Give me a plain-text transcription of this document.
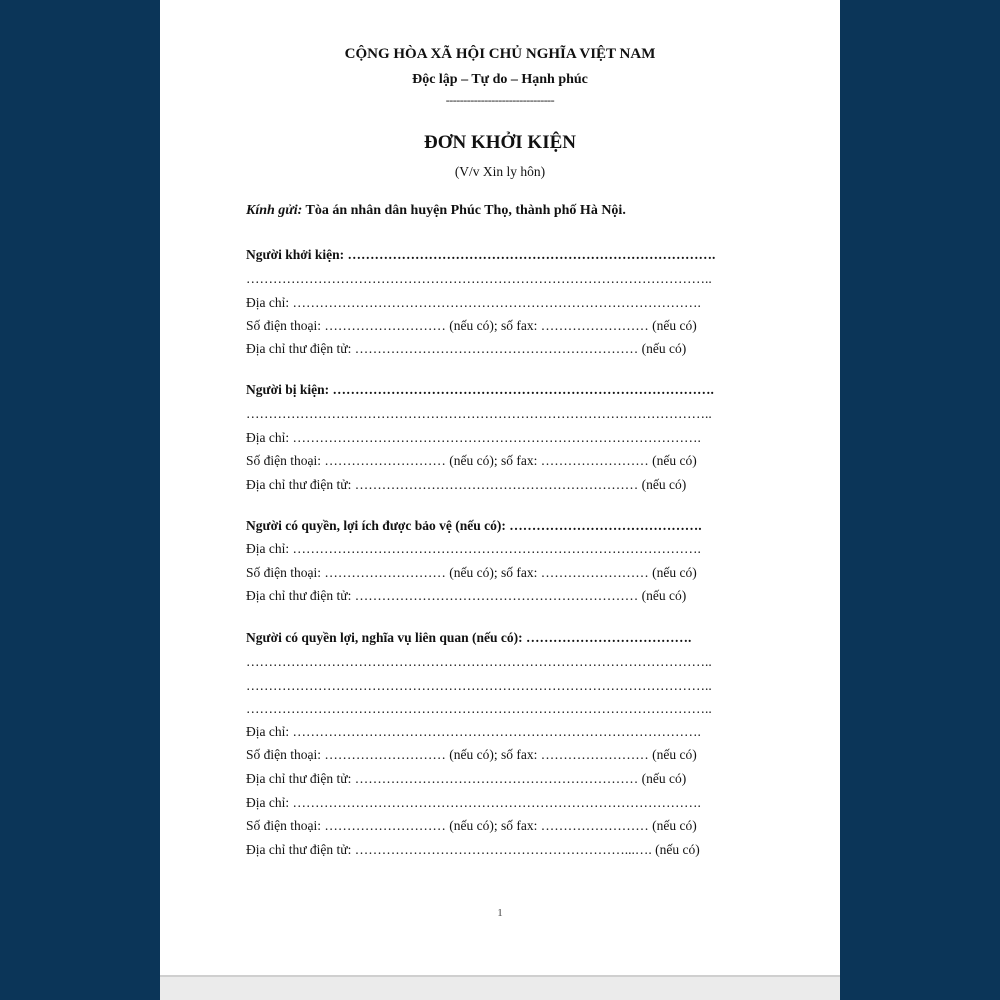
CỘNG HÒA XÃ HỘI CHỦ NGHĨA VIỆT NAM
Độc lập – Tự do – Hạnh phúc
-------------------------------
ĐƠN KHỞI KIỆN
(V/v Xin ly hôn)
Kính gửi: Tòa án nhân dân huyện Phúc Thọ, thành phố Hà Nội.
Người khởi kiện: ……………………………………………………………………….
…………………………………………………………………………………………..
Địa chỉ: ……………………………………………………………………………….
Số điện thoại: ……………………… (nếu có); số fax: …………………… (nếu có)
Địa chỉ thư điện tử: ……………………………………………………… (nếu có)
Người bị kiện: ………………………………………………………………………….
…………………………………………………………………………………………..
Địa chỉ: ……………………………………………………………………………….
Số điện thoại: ……………………… (nếu có); số fax: …………………… (nếu có)
Địa chỉ thư điện tử: ……………………………………………………… (nếu có)
Người có quyền, lợi ích được bảo vệ (nếu có): …………………………………….
Địa chỉ: ……………………………………………………………………………….
Số điện thoại: ……………………… (nếu có); số fax: …………………… (nếu có)
Địa chỉ thư điện tử: ……………………………………………………… (nếu có)
Người có quyền lợi, nghĩa vụ liên quan (nếu có): ……………………………….
…………………………………………………………………………………………..
…………………………………………………………………………………………..
…………………………………………………………………………………………..
Địa chỉ: ……………………………………………………………………………….
Số điện thoại: ……………………… (nếu có); số fax: …………………… (nếu có)
Địa chỉ thư điện tử: ……………………………………………………… (nếu có)
Địa chỉ: ……………………………………………………………………………….
Số điện thoại: ……………………… (nếu có); số fax: …………………… (nếu có)
Địa chỉ thư điện tử: ……………………………………………………...…. (nếu có)
1
